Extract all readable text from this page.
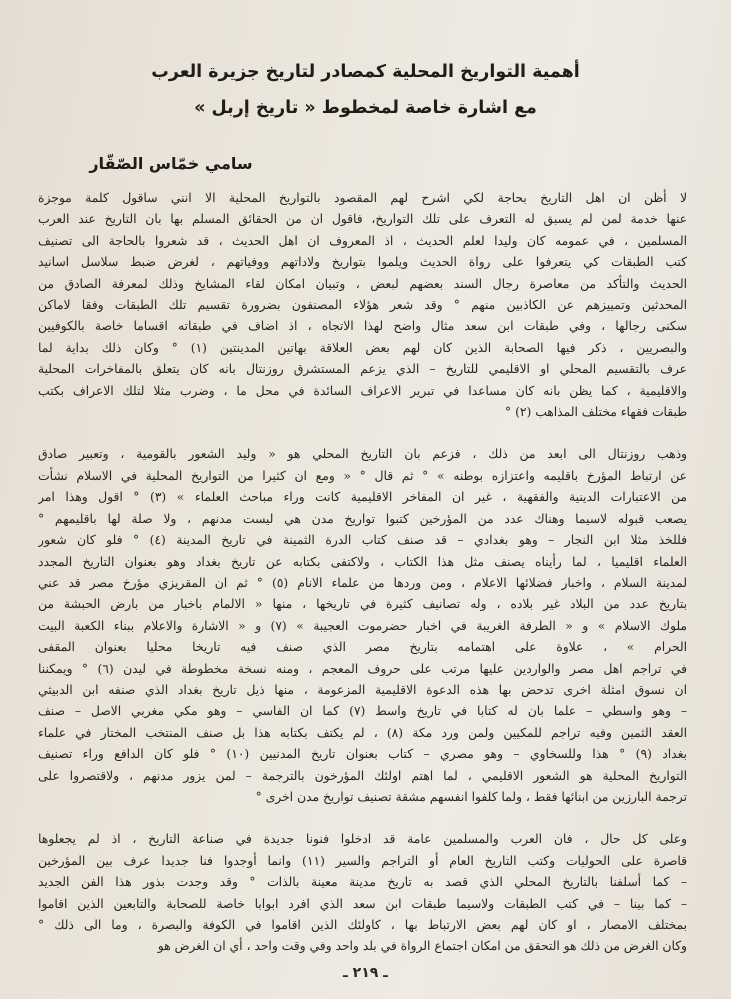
أهمية التواريخ المحلية كمصادر لتاريخ جزيرة العرب
مع اشارة خاصة لمخطوط « تاريخ إربل »
سامي خمّاس الصّقّار
لا أظن ان اهل التاريخ بحاجة لكي اشرح لهم المقصود بالتواريخ المحلية الا انني ساقول كلمة موجزة
عنها خدمة لمن لم يسبق له التعرف على تلك التواريخ، فاقول ان من الحقائق المسلم بها بان التاريخ عند العرب
المسلمين ، في عمومه كان وليدا لعلم الحديث ، اذ المعروف ان اهل الحديث ، قد شعروا بالحاجة الى تصنيف
كتب الطبقات كي يتعرفوا على رواة الحديث ويلموا بتواريخ ولاداتهم ووفياتهم ، لغرض ضبط سلاسل اسانيد
الحديث والتأكد من معاصرة رجال السند بعضهم لبعض ، وتبيان امكان لقاء المشايخ وذلك لمعرفة الصادق من
المحدثين وتمييزهم عن الكاذبين منهم ° وقد شعر هؤلاء المصنفون بضرورة تقسيم تلك الطبقات وفقا لاماكن
سكنى رجالها ، وفي طبقات ابن سعد مثال واضح لهذا الاتجاه ، اذ اضاف في طبقاته اقساما خاصة بالكوفيين
والبصريين ، ذكر فيها الصحابة الذين كان لهم بعض العلاقة بهاتين المدينتين (١) ° وكان ذلك بداية لما
عرف بالتقسيم المحلي او الاقليمي للتاريخ – الذي يزعم المستشرق روزنتال بانه كان يتعلق بالمفاخرات المحلية
والاقليمية ، كما يظن بانه كان مساعدا في تبرير الاعراف السائدة في محل ما ، وضرب مثلا لتلك الاعراف بكتب
طبقات فقهاء مختلف المذاهب (٢) °
وذهب روزنتال الى ابعد من ذلك ، فزعم بان التاريخ المحلي هو « وليد الشعور بالقومية ، وتعبير صادق
عن ارتباط المؤرخ باقليمه واعتزازه بوطنه » ° ثم قال ° « ومع ان كثيرا من التواريخ المحلية في الاسلام نشأت
من الاعتبارات الدينية والفقهية ، غير ان المفاخر الاقليمية كانت وراء مباحث العلماء » (٣) ° اقول وهذا امر
يصعب قبوله لاسيما وهناك عدد من المؤرخين كتبوا تواريخ مدن هي ليست مدنهم ، ولا صلة لها باقليمهم °
فللخذ مثلا ابن النجار – وهو بغدادي – قد صنف كتاب الدرة الثمينة في تاريخ المدينة (٤) ° فلو كان شعور
العلماء اقليميا ، لما رأيناه يصنف مثل هذا الكتاب ، ولاكتفى بكتابه عن تاريخ بغداد وهو بعنوان التاريخ المجدد
لمدينة السلام ، واخبار فضلائها الاعلام ، ومن وردها من علماء الانام (٥) ° ثم ان المقريزي مؤرخ مصر قد عني
بتاريخ عدد من البلاد غير بلاده ، وله تصانيف كثيرة في تاريخها ، منها « الالمام باخبار من بارض الحبشة من
ملوك الاسلام » و « الطرفة الغريبة في اخبار حضرموت العجيبة » (٧) و « الاشارة والاعلام ببناء الكعبة البيت
الحرام » ، علاوة على اهتمامه بتاريخ مصر الذي صنف فيه تاريخا محليا بعنوان المقفى
في تراجم اهل مصر والواردين عليها مرتب على حروف المعجم ، ومنه نسخة مخطوطة في ليدن (٦) ° ويمكننا
ان نسوق امثلة اخرى تدحض بها هذه الدعوة الاقليمية المزعومة ، منها ذيل تاريخ بغداد الذي صنفه ابن الدبيثي
– وهو واسطي – علما بان له كتابا في تاريخ واسط (٧) كما ان الفاسي – وهو مكي مغربي الاصل – صنف
العقد الثمين وفيه تراجم للمكيين ولمن ورد مكة (٨) ، لم يكتف بكتابه هذا بل صنف المنتخب المختار في علماء
بغداد (٩) ° هذا وللسخاوي – وهو مصري – كتاب بعنوان تاريخ المدنيين (١٠) ° فلو كان الدافع وراء تصنيف
التواريخ المحلية هو الشعور الاقليمي ، لما اهتم اولئك المؤرخون بالترجمة – لمن يزور مدنهم ، ولاقتصروا على
ترجمة البارزين من ابنائها فقط ، ولما كلفوا انفسهم مشقة تصنيف تواريخ مدن اخرى °
وعلى كل حال ، فان العرب والمسلمين عامة قد ادخلوا فنونا جديدة في صناعة التاريخ ، اذ لم يجعلوها
قاصرة على الحوليات وكتب التاريخ العام أو التراجم والسير (١١) وانما أوجدوا فنا جديدا عرف بين المؤرخين
– كما أسلفنا بالتاريخ المحلي الذي قصد به تاريخ مدينة معينة بالذات ° وقد وجدت بذور هذا الفن الجديد
– كما بينا – في كتب الطبقات ولاسيما طبقات ابن سعد الذي افرد ابوابا خاصة للصحابة والتابعين الذين اقاموا
بمختلف الامصار ، او كان لهم بعض الارتباط بها ، كاولئك الذين اقاموا في الكوفة والبصرة ، وما الى ذلك °
وكان الغرض من ذلك هو التحقق من امكان اجتماع الرواة في بلد واحد وفي وقت واحد ، أي ان الغرض هو
ـ ٢١٩ ـ
